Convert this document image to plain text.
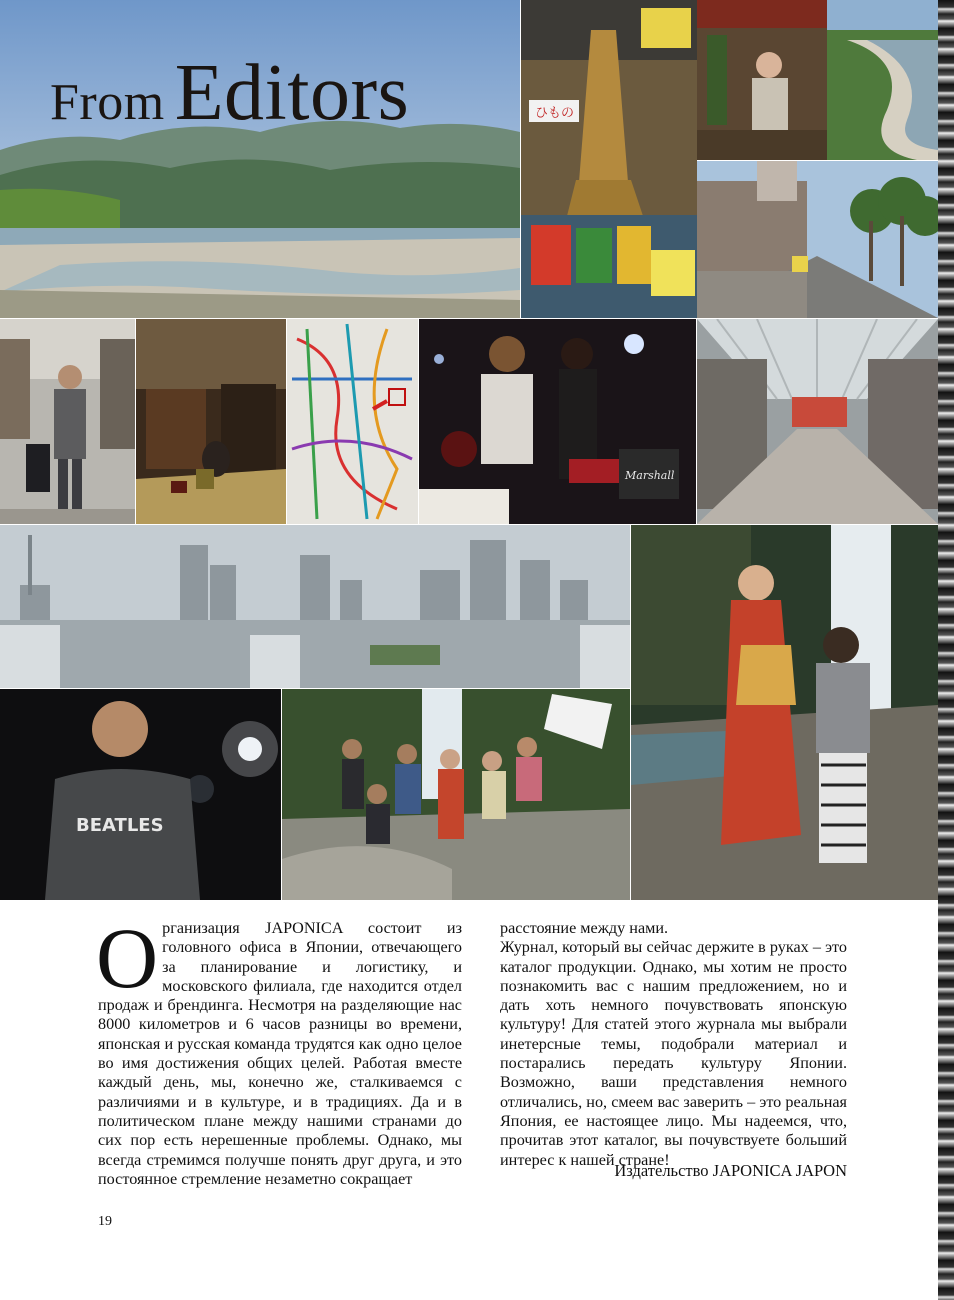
From Editors	ひもの
Marshall
BEATLES
О рганизация JAPONICA состоит из головного офиса в Японии, отвечающего за планирование и логистику, и московского филиала, где находится отдел продаж и брендинга. Несмотря на разделяющие нас 8000 километров и 6 часов разницы во времени, японская и русская команда трудятся как одно целое во имя достижения общих целей. Работая вместе каждый день, мы, конечно же, сталкиваемся с различиями и в культуре, и в традициях. Да и в политическом плане между нашими странами до сих пор есть нерешенные проблемы. Однако, мы всегда стремимся получше понять друг друга, и это постоянное стремление незаметно сокращает

расстояние между нами.

Журнал, который вы сейчас держите в руках – это каталог продукции. Однако, мы хотим не просто познакомить вас с нашим предложением, но и дать хоть немного почувствовать японскую культуру! Для статей этого журнала мы выбрали инетерсные темы, подобрали материал и постарались передать культуру Японии. Возможно, ваши представления немного отличались, но, смеем вас заверить – это реальная Япония, ее настоящее лицо. Мы надеемся, что, прочитав этот каталог, вы почувствуете больший интерес к нашей стране!

Издательство JAPONICA JAPON
19
